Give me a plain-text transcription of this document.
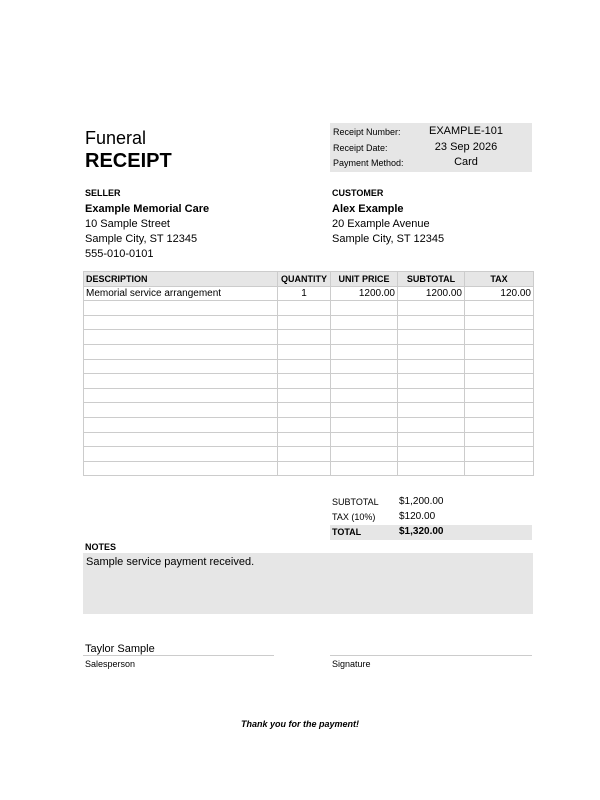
Funeral
RECEIPT
Receipt Number:	EXAMPLE-101
Receipt Date:	23 Sep 2026
Payment Method:	Card
SELLER
Example Memorial Care
10 Sample Street
Sample City, ST 12345
555-010-0101
CUSTOMER
Alex Example
20 Example Avenue
Sample City, ST 12345
DESCRIPTION	QUANTITY	UNIT PRICE	SUBTOTAL	TAX
Memorial service arrangement	1	1200.00	1200.00	120.00

SUBTOTAL $1,200.00
TAX (10%) $120.00
TOTAL	$1,320.00
NOTES
Sample service payment received.
Taylor Sample
Salesperson	Signature
Thank you for the payment!
